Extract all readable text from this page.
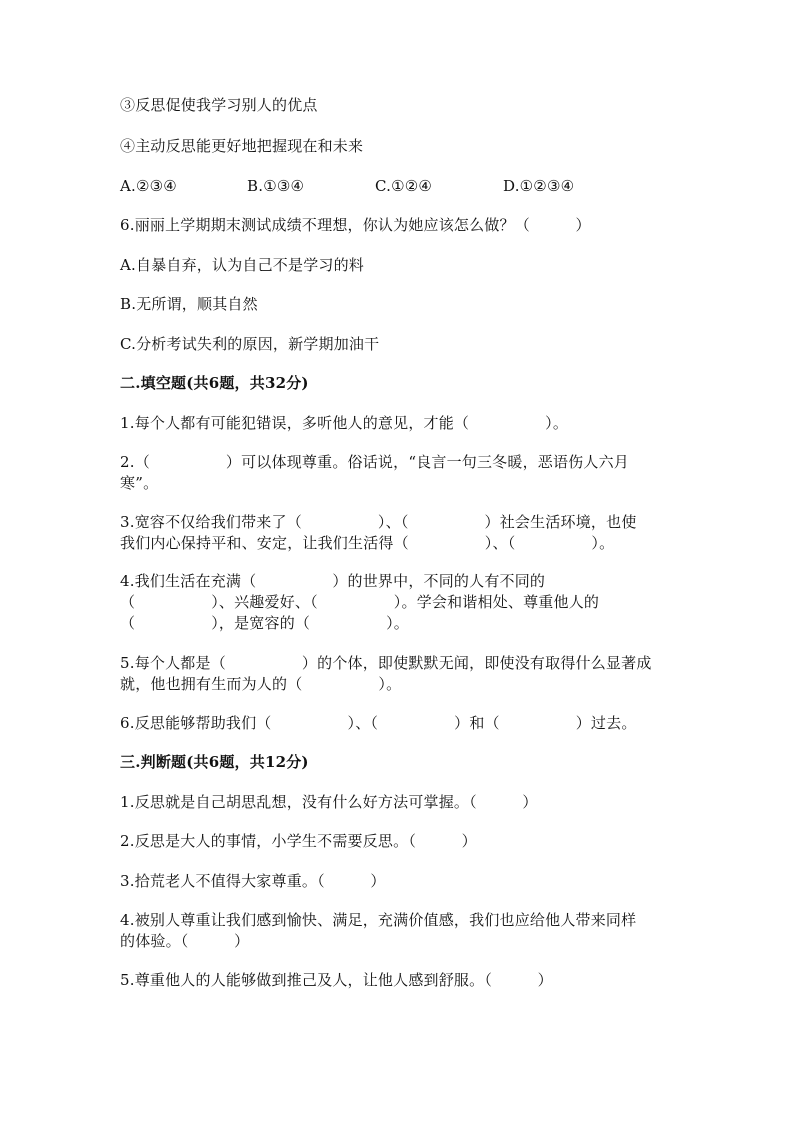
③反思促使我学习别人的优点
④主动反思能更好地把握现在和未来
A.②③④	B.①③④	C.①②④	D.①②③④
6.丽丽上学期期末测试成绩不理想，你认为她应该怎么做？（　　　）
A.自暴自弃，认为自己不是学习的料
B.无所谓，顺其自然
C.分析考试失利的原因，新学期加油干
二.填空题(共6题，共32分)
1.每个人都有可能犯错误，多听他人的意见，才能（　　　　　）。
2.（　　　　　）可以体现尊重。俗话说，“良言一句三冬暖，恶语伤人六月
寒”。
3.宽容不仅给我们带来了（　　　　　）、（　　　　　）社会生活环境，也使
我们内心保持平和、安定，让我们生活得（　　　　　）、（　　　　　）。
4.我们生活在充满（　　　　　）的世界中，不同的人有不同的
（　　　　　）、兴趣爱好、（　　　　　）。学会和谐相处、尊重他人的
（　　　　　），是宽容的（　　　　　）。
5.每个人都是（　　　　　）的个体，即使默默无闻，即使没有取得什么显著成
就，他也拥有生而为人的（　　　　　）。
6.反思能够帮助我们（　　　　　）、（　　　　　）和（　　　　　）过去。
三.判断题(共6题，共12分)
1.反思就是自己胡思乱想，没有什么好方法可掌握。（　　　）
2.反思是大人的事情，小学生不需要反思。（　　　）
3.拾荒老人不值得大家尊重。（　　　）
4.被别人尊重让我们感到愉快、满足，充满价值感，我们也应给他人带来同样
的体验。（　　　）
5.尊重他人的人能够做到推己及人，让他人感到舒服。（　　　）
